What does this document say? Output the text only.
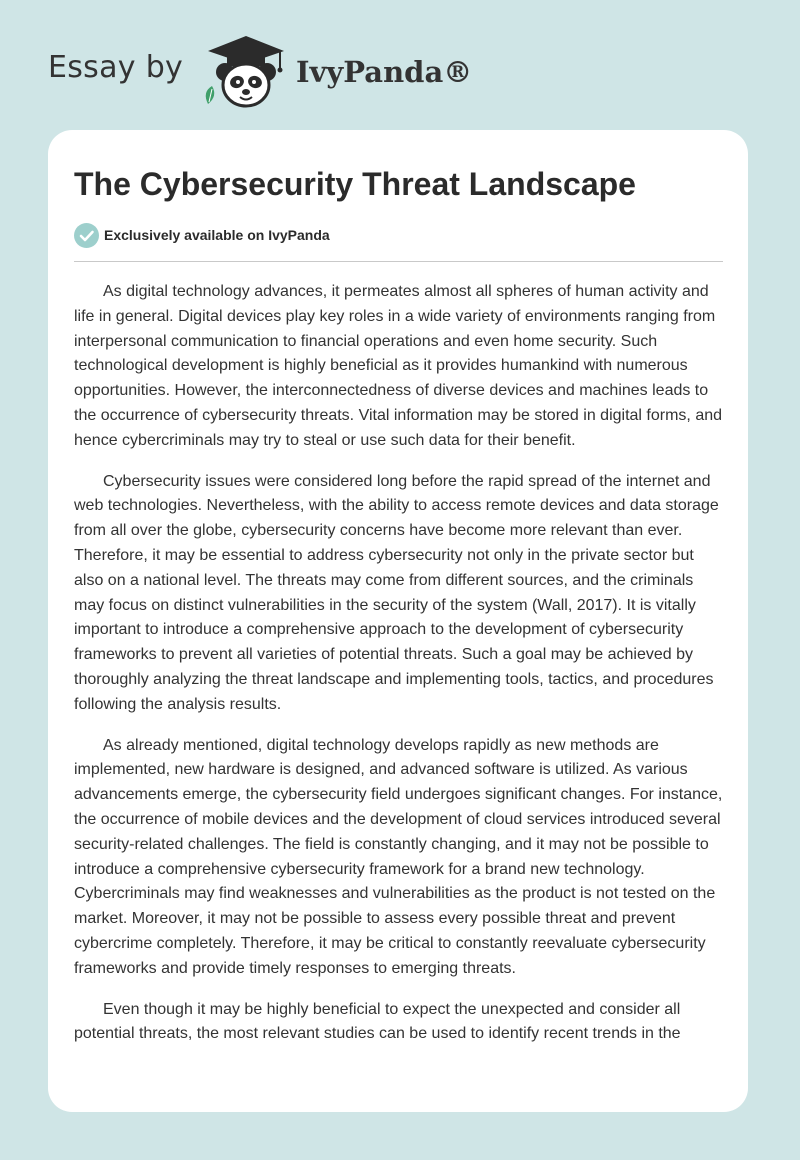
Essay by	IvyPanda®
The Cybersecurity Threat Landscape
Exclusively available on IvyPanda

As digital technology advances, it permeates almost all spheres of human activity and life in general. Digital devices play key roles in a wide variety of environments ranging from interpersonal communication to financial operations and even home security. Such technological development is highly beneficial as it provides humankind with numerous opportunities. However, the interconnectedness of diverse devices and machines leads to the occurrence of cybersecurity threats. Vital information may be stored in digital forms, and hence cybercriminals may try to steal or use such data for their benefit.

Cybersecurity issues were considered long before the rapid spread of the internet and web technologies. Nevertheless, with the ability to access remote devices and data storage from all over the globe, cybersecurity concerns have become more relevant than ever. Therefore, it may be essential to address cybersecurity not only in the private sector but also on a national level. The threats may come from different sources, and the criminals may focus on distinct vulnerabilities in the security of the system (Wall, 2017). It is vitally important to introduce a comprehensive approach to the development of cybersecurity frameworks to prevent all varieties of potential threats. Such a goal may be achieved by thoroughly analyzing the threat landscape and implementing tools, tactics, and procedures following the analysis results.

As already mentioned, digital technology develops rapidly as new methods are implemented, new hardware is designed, and advanced software is utilized. As various advancements emerge, the cybersecurity field undergoes significant changes. For instance, the occurrence of mobile devices and the development of cloud services introduced several security-related challenges. The field is constantly changing, and it may not be possible to introduce a comprehensive cybersecurity framework for a brand new technology. Cybercriminals may find weaknesses and vulnerabilities as the product is not tested on the market. Moreover, it may not be possible to assess every possible threat and prevent cybercrime completely. Therefore, it may be critical to constantly reevaluate cybersecurity frameworks and provide timely responses to emerging threats.

Even though it may be highly beneficial to expect the unexpected and consider all potential threats, the most relevant studies can be used to identify recent trends in the
